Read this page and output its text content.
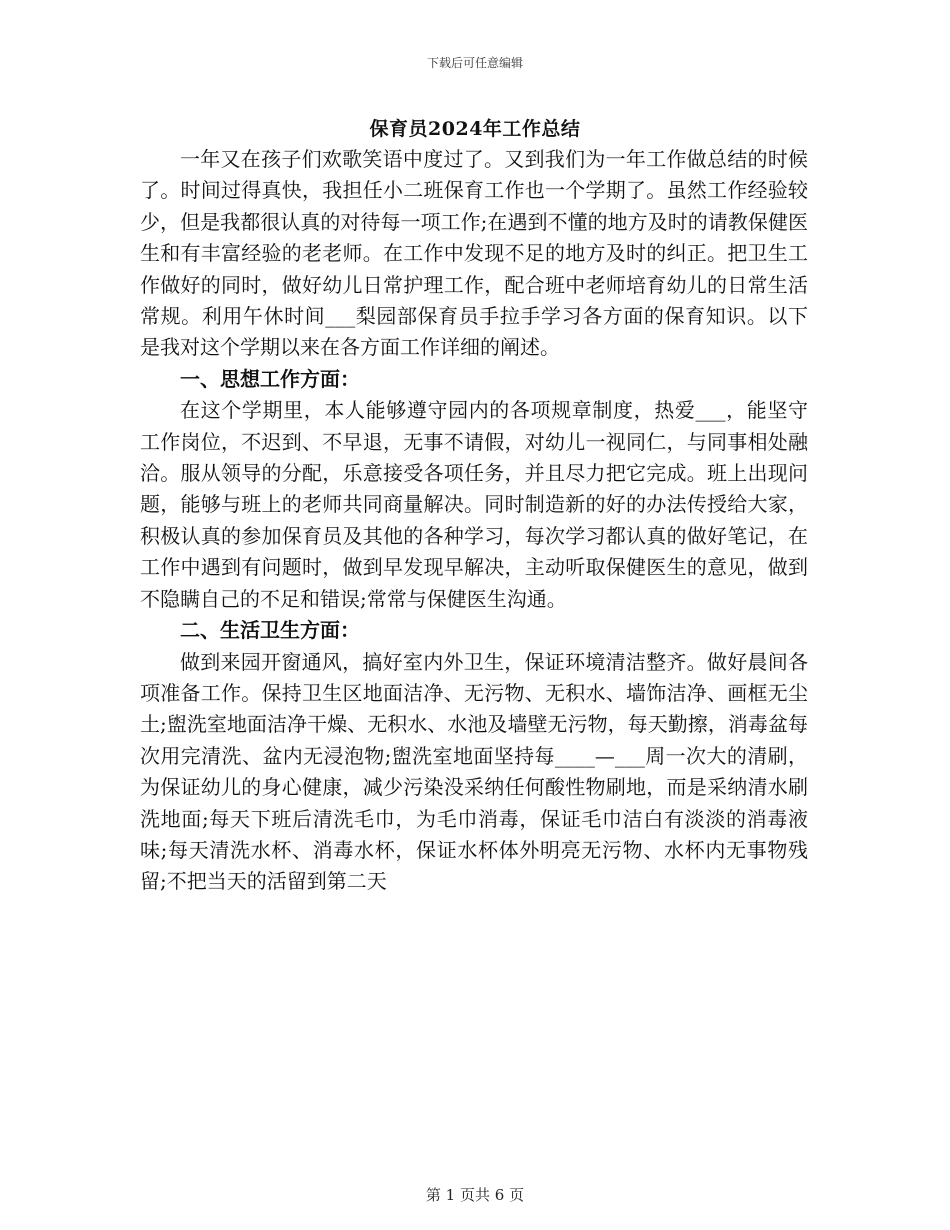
下载后可任意编辑
保育员2024年工作总结

一年又在孩子们欢歌笑语中度过了。又到我们为一年工作做总结的时候了。时间过得真快，我担任小二班保育工作也一个学期了。虽然工作经验较少，但是我都很认真的对待每一项工作;在遇到不懂的地方及时的请教保健医生和有丰富经验的老老师。在工作中发现不足的地方及时的纠正。把卫生工作做好的同时，做好幼儿日常护理工作，配合班中老师培育幼儿的日常生活常规。利用午休时间___梨园部保育员手拉手学习各方面的保育知识。以下是我对这个学期以来在各方面工作详细的阐述。

一、思想工作方面：

在这个学期里，本人能够遵守园内的各项规章制度，热爱___，能坚守工作岗位，不迟到、不早退，无事不请假，对幼儿一视同仁，与同事相处融洽。服从领导的分配，乐意接受各项任务，并且尽力把它完成。班上出现问题，能够与班上的老师共同商量解决。同时制造新的好的办法传授给大家，积极认真的参加保育员及其他的各种学习，每次学习都认真的做好笔记，在工作中遇到有问题时，做到早发现早解决，主动听取保健医生的意见，做到不隐瞒自己的不足和错误;常常与保健医生沟通。

二、生活卫生方面：

做到来园开窗通风，搞好室内外卫生，保证环境清洁整齐。做好晨间各项准备工作。保持卫生区地面洁净、无污物、无积水、墙饰洁净、画框无尘土;盥洗室地面洁净干燥、无积水、水池及墙壁无污物，每天勤擦，消毒盆每次用完清洗、盆内无浸泡物;盥洗室地面坚持每____—___周一次大的清刷，为保证幼儿的身心健康，减少污染没采纳任何酸性物刷地，而是采纳清水刷洗地面;每天下班后清洗毛巾，为毛巾消毒，保证毛巾洁白有淡淡的消毒液味;每天清洗水杯、消毒水杯，保证水杯体外明亮无污物、水杯内无事物残留;不把当天的活留到第二天

第 1 页共 6 页
